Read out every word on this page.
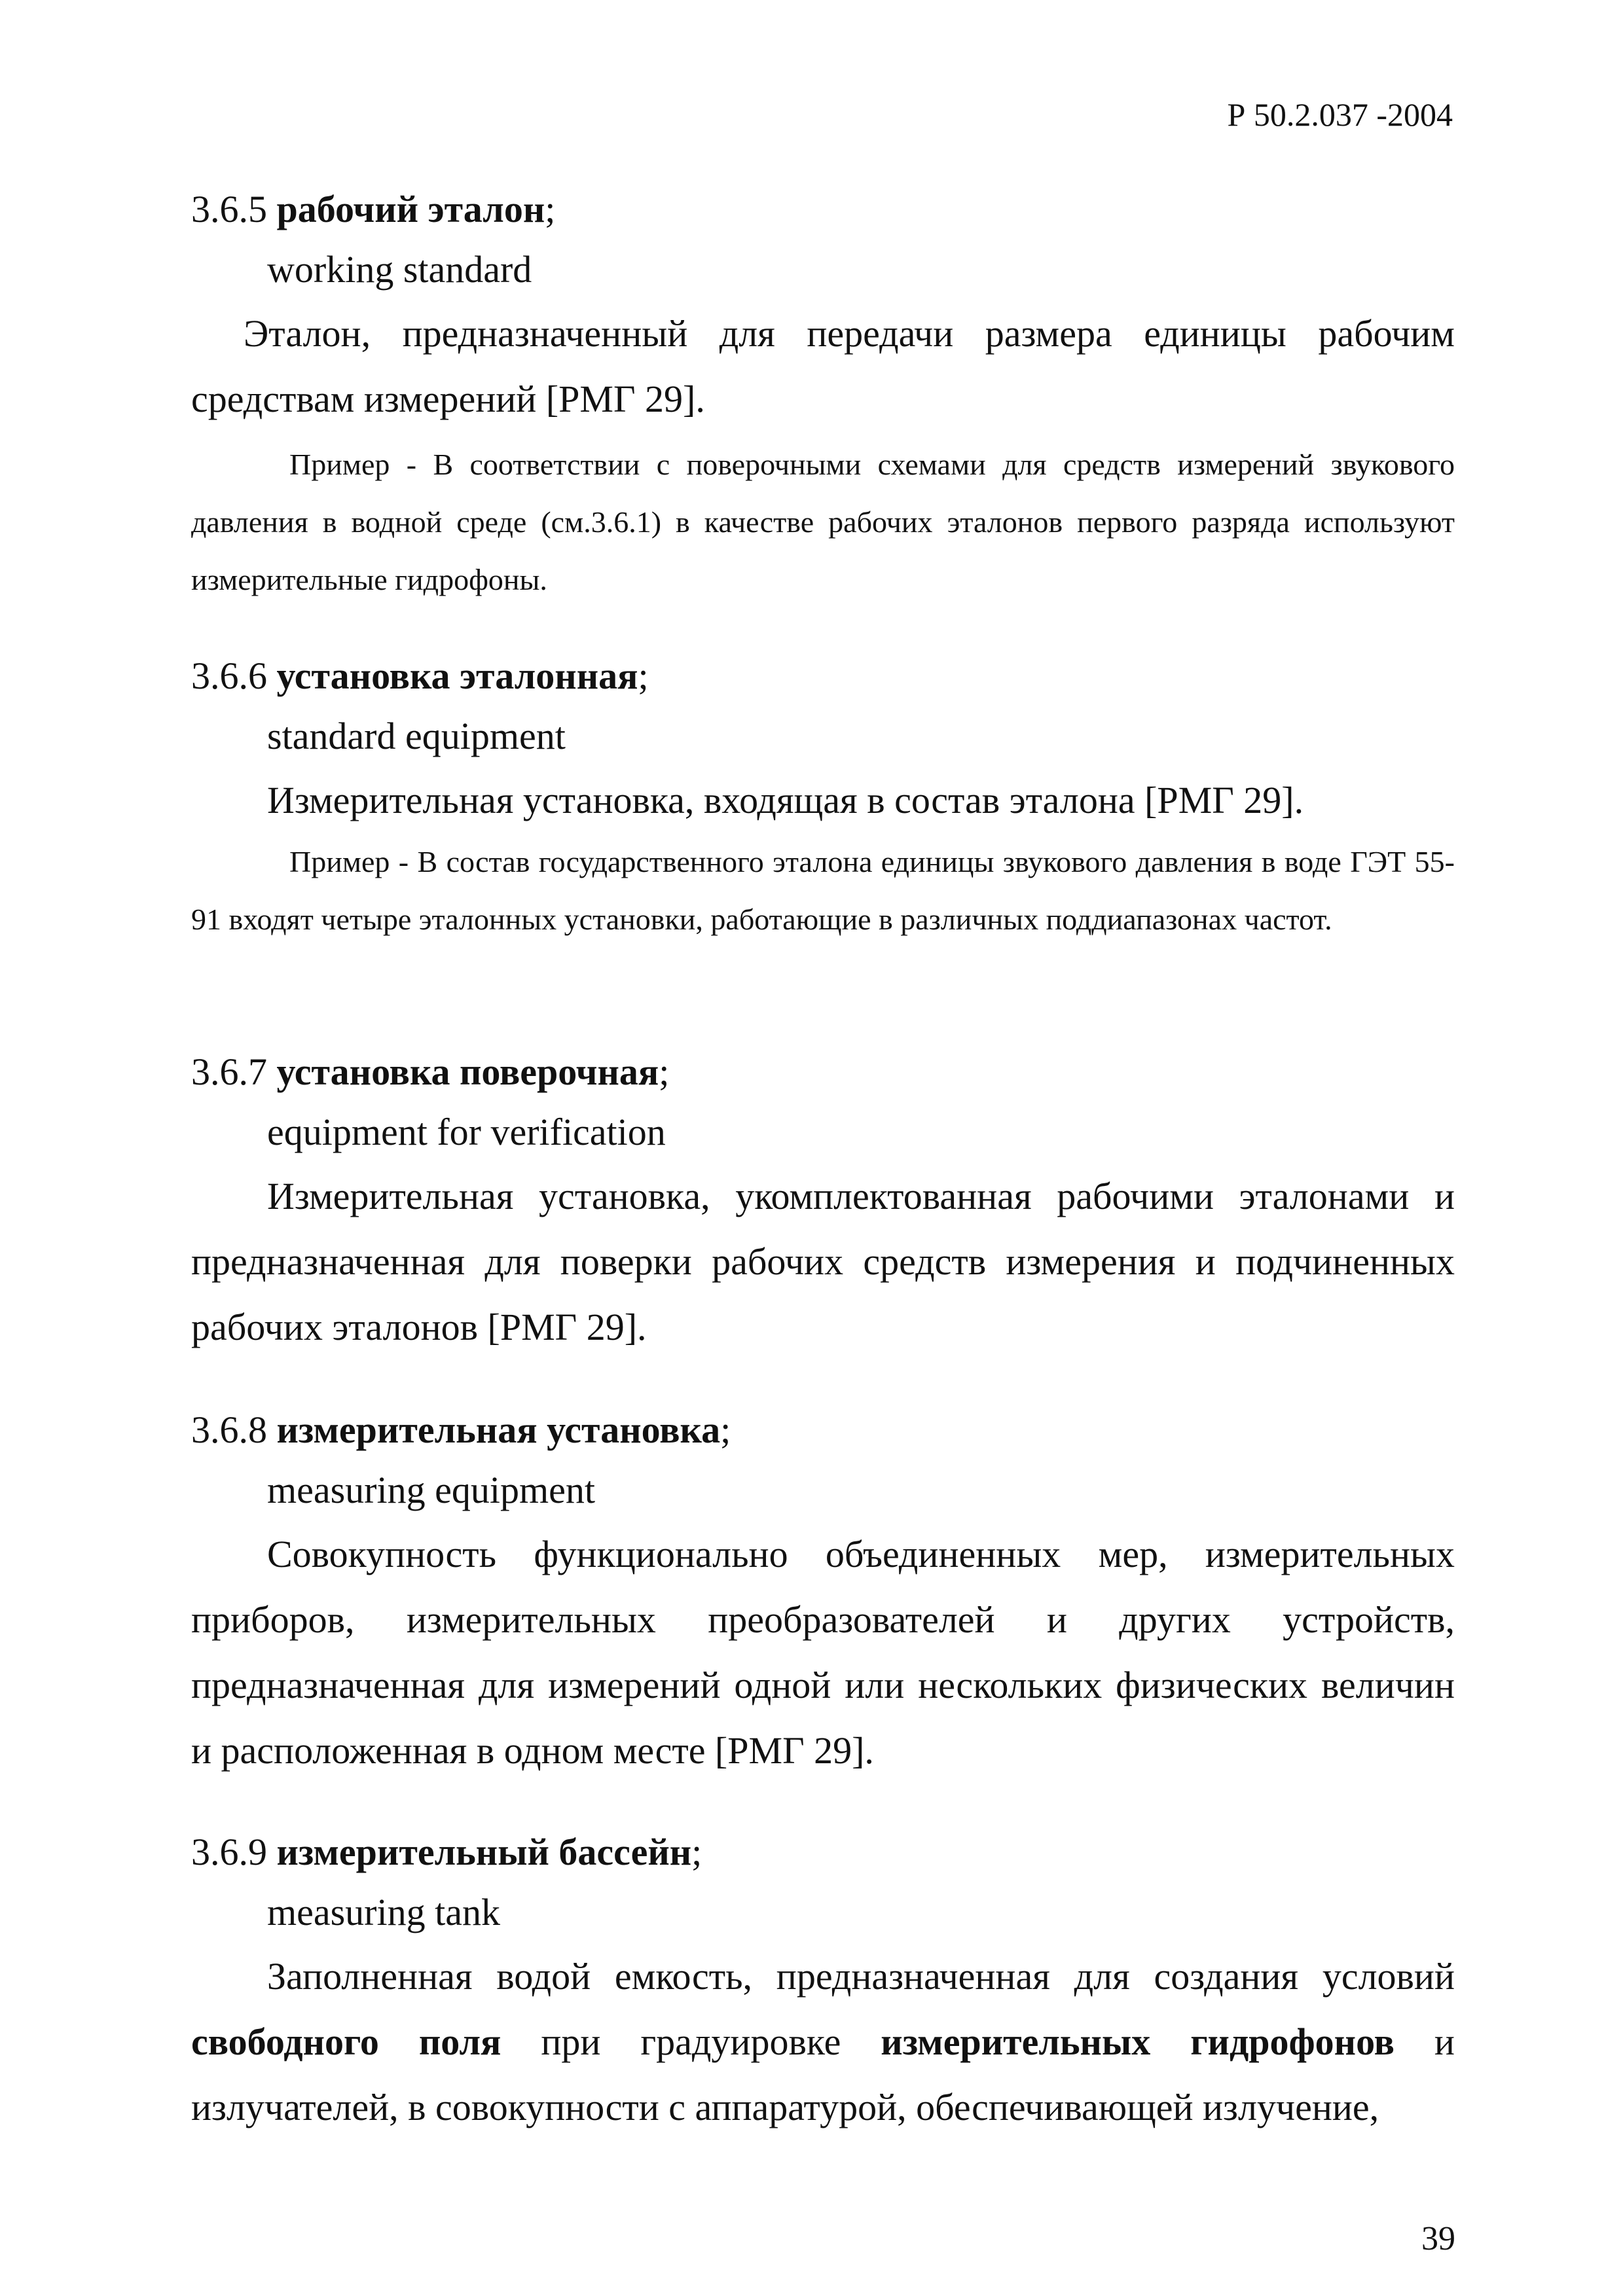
Р 50.2.037 -2004

3.6.5 рабочий эталон;

working standard

Эталон, предназначенный для передачи размера единицы рабочим средствам измерений [РМГ 29].

Пример - В соответствии с поверочными схемами для средств измерений звукового давления в водной среде (см.3.6.1) в качестве рабочих эталонов первого разряда используют измерительные гидрофоны.

3.6.6 установка эталонная;

standard equipment

Измерительная установка, входящая в состав эталона [РМГ 29].

Пример - В состав государственного эталона единицы звукового давления в воде ГЭТ 55-91 входят четыре эталонных установки, работающие в различных поддиапазонах частот.

3.6.7 установка поверочная;

equipment for verification

Измерительная установка, укомплектованная рабочими эталонами и предназначенная для поверки рабочих средств измерения и подчиненных рабочих эталонов [РМГ 29].

3.6.8 измерительная установка;

measuring equipment

Совокупность функционально объединенных мер, измерительных приборов, измерительных преобразователей и других устройств, предназначенная для измерений одной или нескольких физических величин и расположенная в одном месте [РМГ 29].

3.6.9 измерительный бассейн;

measuring tank

Заполненная водой емкость, предназначенная для создания условий свободного поля при градуировке измерительных гидрофонов и излучателей, в совокупности с аппаратурой, обеспечивающей излучение,

39
